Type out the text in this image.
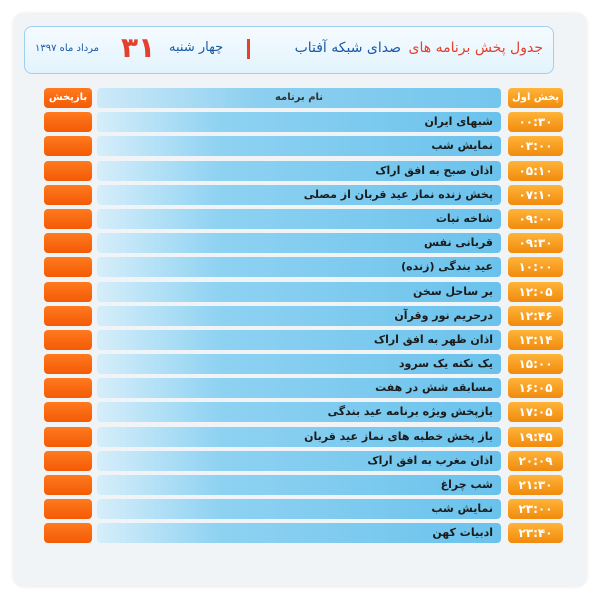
جدول پخش برنامه های
صدای شبکه آفتاب
چهار شنبه
۳۱
مرداد ماه ۱۳۹۷
بازپخش	نام برنامه	پخش اول
شبهای ایران	۰۰:۳۰
نمایش شب	۰۳:۰۰
اذان صبح به افق اراک	۰۵:۱۰
پخش زنده نماز عید قربان از مصلی	۰۷:۱۰
شاخه نبات	۰۹:۰۰
قربانی نفس	۰۹:۳۰
عید بندگی (زنده)	۱۰:۰۰
بر ساحل سخن	۱۲:۰۵
درحریم نور وقرآن	۱۲:۴۶
اذان ظهر به افق اراک	۱۳:۱۴
یک نکته یک سرود	۱۵:۰۰
مسابقه شش در هفت	۱۶:۰۵
بازپخش ویژه برنامه عید بندگی	۱۷:۰۵
باز پخش خطبه های نماز عید قربان	۱۹:۴۵
اذان مغرب به افق اراک	۲۰:۰۹
شب چراغ	۲۱:۳۰
نمایش شب	۲۳:۰۰
ادبیات کهن	۲۳:۴۰
